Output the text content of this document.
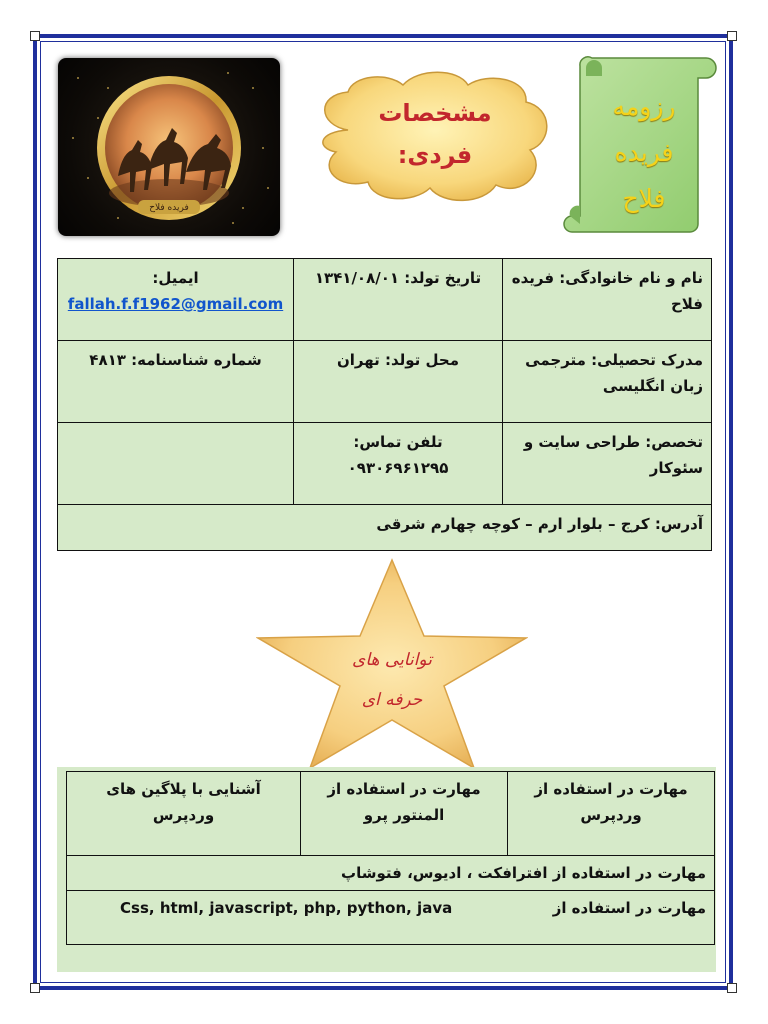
فریده فلاح
مشخصات
فردی:
رزومه
فریده
فلاح
نام و نام خانوادگی: فریده فلاح	تاریخ تولد: ۱۳۴۱/۰۸/۰۱	ایمیل:
fallah.f.f1962@gmail.com
مدرک تحصیلی: مترجمی زبان انگلیسی	محل تولد: تهران	شماره شناسنامه: ۴۸۱۳
تخصص: طراحی سایت و سئوکار	تلفن تماس:
۰۹۳۰۶۹۶۱۲۹۵	

آدرس: کرج – بلوار ارم – کوچه چهارم شرقی		
توانایی های
حرفه ای
مهارت در استفاده از وردپرس	مهارت در استفاده از المنتور پرو	آشنایی با پلاگین های وردپرس
مهارت در استفاده از افترافکت ، ادیوس، فتوشاپ
مهارت در استفاده از  Css, html, javascript, php, python, java
